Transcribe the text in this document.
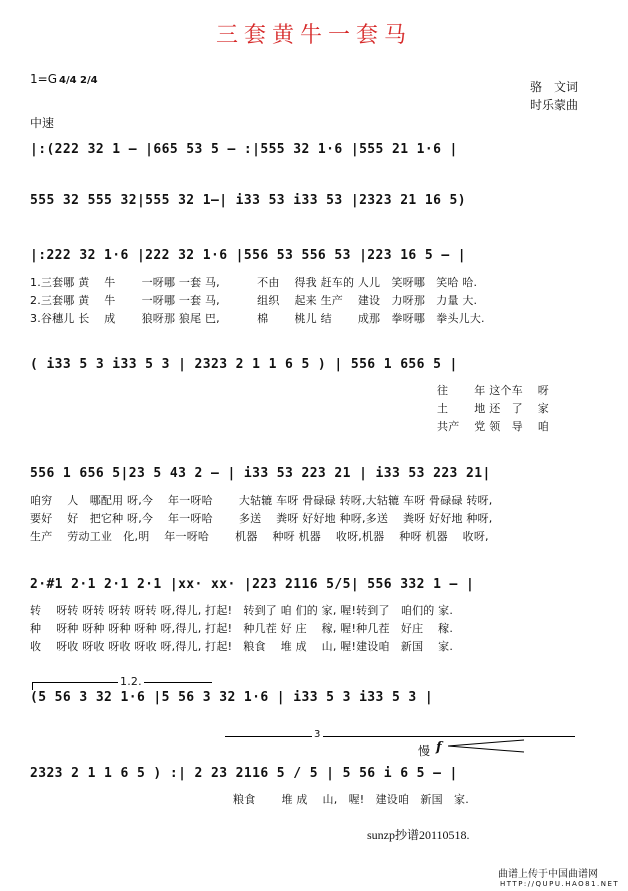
三套黄牛一套马
1=G 4/4 2/4	骆　文词
时乐蒙曲
中速
|:(222 32 1 – |665 53 5 – :|555 32 1·6 |555 21 1·6 |
555 32 555 32|555 32 1–| i33 53 i33 53 |2323 21 16 5)
|:222 32 1·6 |222 32 1·6 |556 53 556 53 |223 16 5 – |
1.三套哪 黄　 牛　　 一呀哪 一套 马,　　　 不由　 得我 赶车的 人儿　笑呀哪　笑哈 哈.
2.三套哪 黄　 牛　　 一呀哪 一套 马,　　　 组织　 起来 生产　 建设　力呀那　力量 大.
3.谷穗儿 长　 成　　 狼呀那 狼尾 巴,　　　 棉　　 桃儿 结　　 成那　拳呀哪　拳头儿大.
( i33 5 3 i33 5 3 | 2323 2 1 1 6 5 ) | 556 1 656 5 |
往　　 年 这个车　 呀
土　　 地 还　了　 家
共产　 党 领　导　 咱
556 1 656 5|23 5 43 2 – | i33 53 223 21 | i33 53 223 21|
咱穷　 人　哪配用 呀,今　 年一呀哈　　 大轱辘 车呀 骨碌碌 转呀,大轱辘 车呀 骨碌碌 转呀,
要好　 好　把它种 呀,今　 年一呀哈　　 多送　 粪呀 好好地 种呀,多送　 粪呀 好好地 种呀,
生产　 劳动工业　化,明　 年一呀哈　　 机器　 种呀 机器　 收呀,机器　 种呀 机器　 收呀,
2·#1 2·1 2·1 2·1 |xx· xx· |223 2116 5/5| 556 332 1 – |
转　 呀转 呀转 呀转 呀转 呀,得儿, 打起!　转到了 咱 们的 家, 喔!转到了　咱们的 家.
种　 呀种 呀种 呀种 呀种 呀,得儿, 打起!　种几茬 好 庄　 稼, 喔!种几茬　好庄　 稼.
收　 呀收 呀收 呀收 呀收 呀,得儿, 打起!　粮食　 堆 成　 山, 喔!建设咱　新国　 家.
1.2.
(5 56 3 32 1·6 |5 56 3 32 1·6 | i33 5 3 i33 5 3 |
3
慢 f
2323 2 1 1 6 5 ) :| 2 23 2116 5 / 5 | 5 56 i 6 5 – |
粮食　　 堆 成　 山,　喔!　建设咱　新国　家.
sunzp抄谱20110518.
曲谱上传于中国曲谱网
HTTP://QUPU.HAO81.NET
